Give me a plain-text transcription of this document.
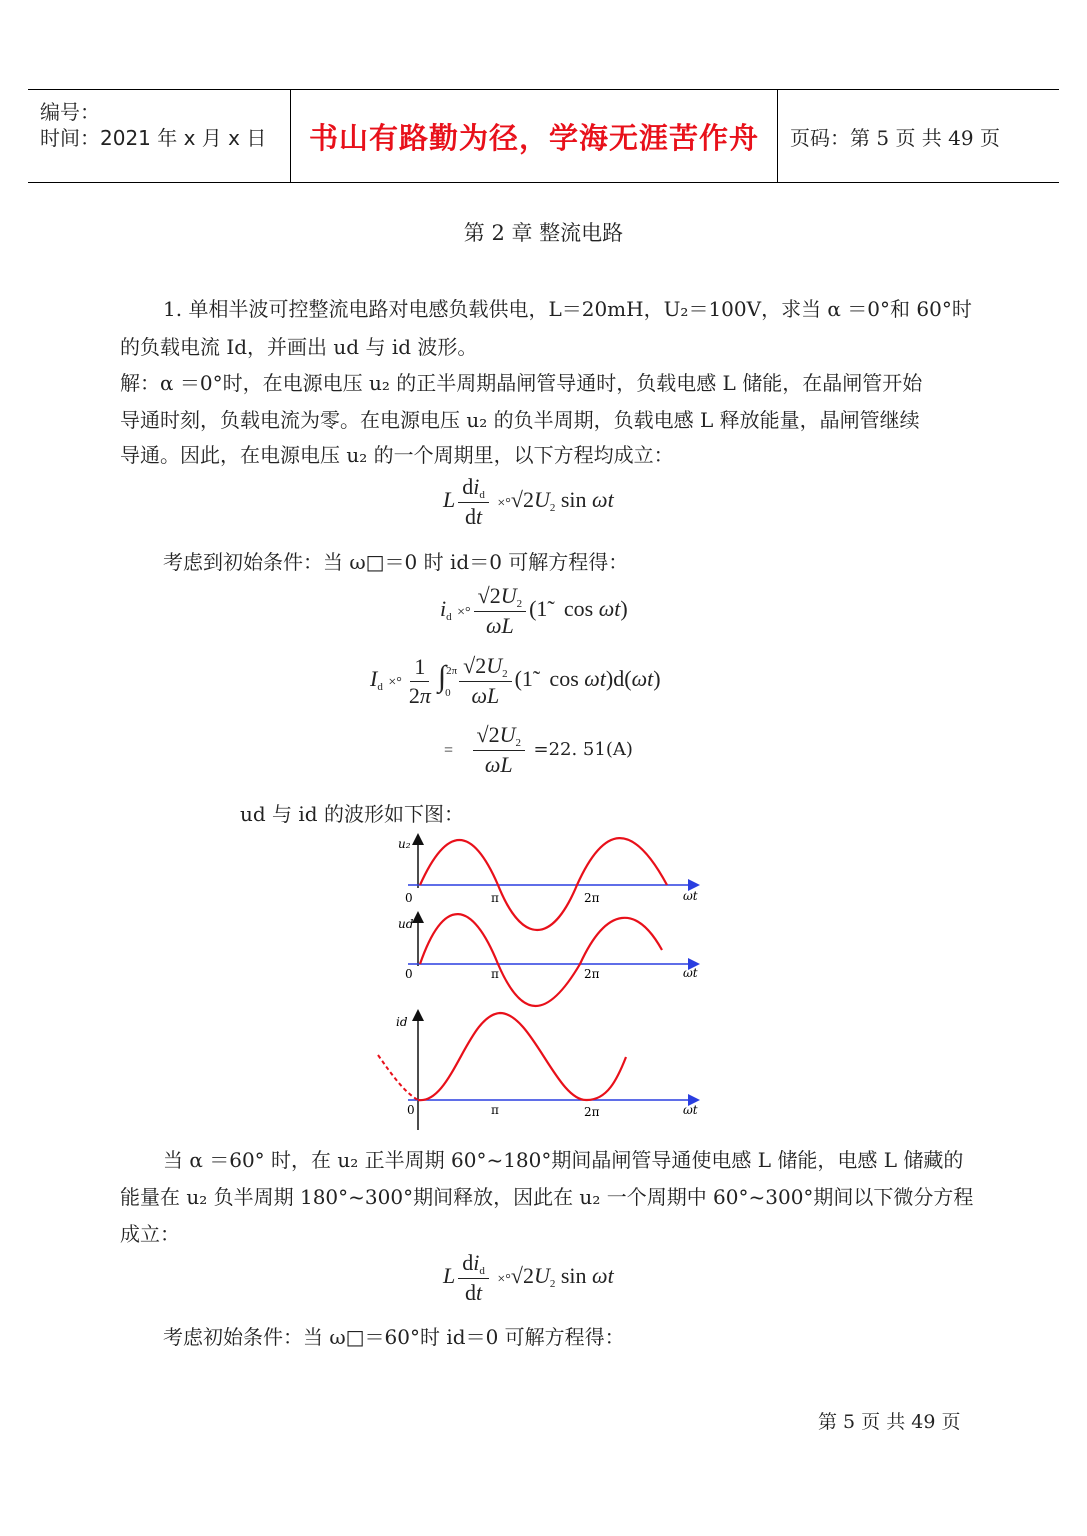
编号：
时间：2021 年 x 月 x 日 书山有路勤为径，学海无涯苦作舟 页码：第 5 页 共 49 页
第 2 章 整流电路
1. 单相半波可控整流电路对电感负载供电，L＝20mH，U₂＝100V，求当 α ＝0°和 60°时
的负载电流 Id，并画出 ud 与 id 波形。
解：α ＝0°时，在电源电压 u₂ 的正半周期晶闸管导通时，负载电感 L 储能，在晶闸管开始
导通时刻，负载电流为零。在电源电压 u₂ 的负半周期，负载电感 L 释放能量，晶闸管继续
导通。因此，在电源电压 u₂ 的一个周期里，以下方程均成立：
L $\frac{di_d}{dt} \times^\circ√2U_2$ sin ωt
考虑到初始条件：当 ω□＝0 时 id＝0 可解方程得：
$i_d$ ×° $\frac{√2U_2}{\omega L}$ (1̃   cos ωt)
$I_d$ ×° $\frac{1}{2\pi} \int^{2\pi}_0 \frac{√2U_2}{\omega L}$ (1̃   cos ωt)d(ωt)
= $\frac{√2U_2}{\omega L} =22$. 51(A)
ud 与 id 的波形如下图：
u₂
0	π	2π	ωt
ud
0	π	2π	ωt
id
0	π	2π	ωt
当 α ＝60° 时，在 u₂ 正半周期 60°~180°期间晶闸管导通使电感 L 储能，电感 L 储藏的
能量在 u₂ 负半周期 180°~300°期间释放，因此在 u₂ 一个周期中 60°~300°期间以下微分方程
成立：
L $\frac{di_d}{dt} \times^\circ√2U_2$ sin ωt
考虑初始条件：当 ω□＝60°时 id＝0 可解方程得：
第 5 页 共 49 页
